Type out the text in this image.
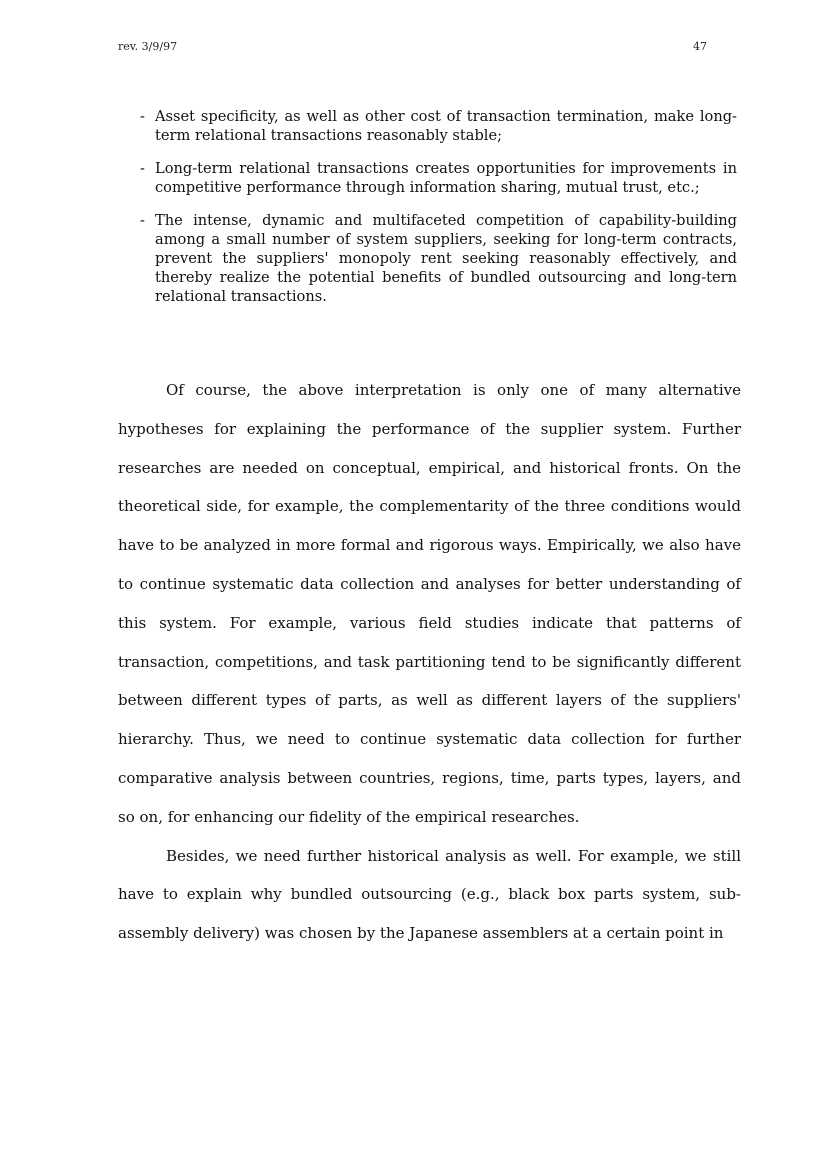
rev. 3/9/97	47
- Asset specificity, as well as other cost of transaction termination, make long-term relational transactions reasonably stable;
- Long-term relational transactions creates opportunities for improvements in competitive performance through information sharing, mutual trust, etc.;
- The intense, dynamic and multifaceted competition of capability-building among a small number of system suppliers, seeking for long-term contracts, prevent the suppliers' monopoly rent seeking reasonably effectively, and thereby realize the potential benefits of bundled outsourcing and long-tern relational transactions.

Of course, the above interpretation is only one of many alternative hypotheses for explaining the performance of the supplier system. Further researches are needed on conceptual, empirical, and historical fronts. On the theoretical side, for example, the complementarity of the three conditions would have to be analyzed in more formal and rigorous ways. Empirically, we also have to continue systematic data collection and analyses for better understanding of this system. For example, various field studies indicate that patterns of transaction, competitions, and task partitioning tend to be significantly different between different types of parts, as well as different layers of the suppliers' hierarchy. Thus, we need to continue systematic data collection for further comparative analysis between countries, regions, time, parts types, layers, and so on, for enhancing our fidelity of the empirical researches.

Besides, we need further historical analysis as well. For example, we still have to explain why bundled outsourcing (e.g., black box parts system, sub-assembly delivery) was chosen by the Japanese assemblers at a certain point in
